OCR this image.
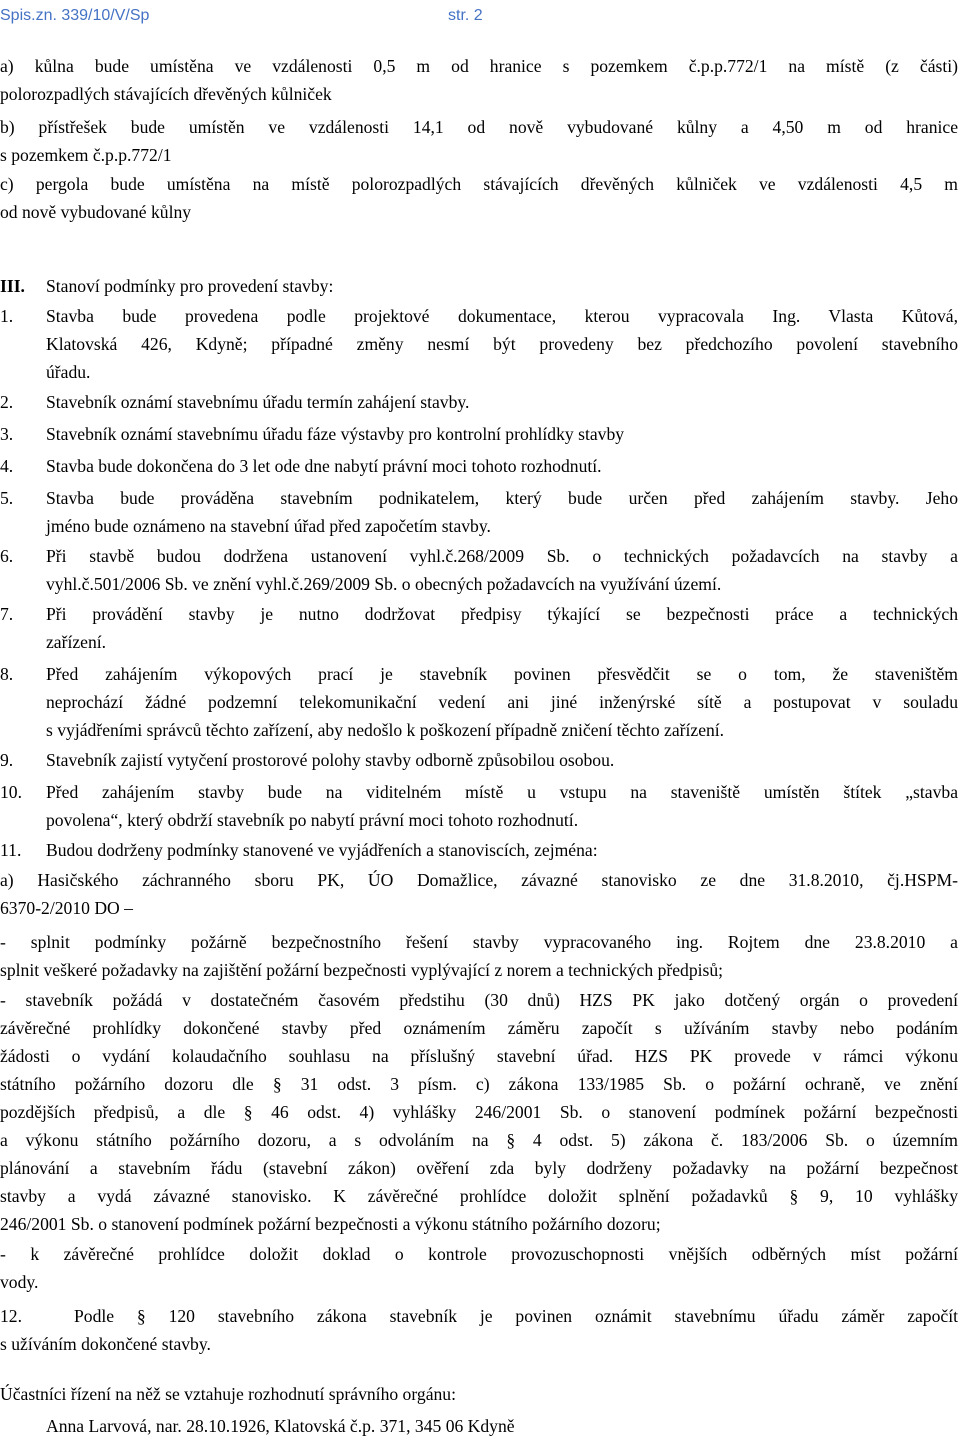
Spis.zn. 339/10/V/Sp	str. 2
a) kůlna bude umístěna ve vzdálenosti 0,5 m od hranice s pozemkem č.p.p.772/1 na místě (z části)
polorozpadlých stávajících dřevěných kůlniček
b) přístřešek bude umístěn ve vzdálenosti 14,1 od nově vybudované kůlny a 4,50 m od hranice
s pozemkem č.p.p.772/1
c) pergola bude umístěna na místě polorozpadlých stávajících dřevěných kůlniček ve vzdálenosti 4,5 m
od nově vybudované kůlny
III. Stanoví podmínky pro provedení stavby:
1. Stavba bude provedena podle projektové dokumentace, kterou vypracovala Ing. Vlasta Kůtová,
Klatovská 426, Kdyně; případné změny nesmí být provedeny bez předchozího povolení stavebního
úřadu.
2. Stavebník oznámí stavebnímu úřadu termín zahájení stavby.
3. Stavebník oznámí stavebnímu úřadu fáze výstavby pro kontrolní prohlídky stavby
4. Stavba bude dokončena do 3 let ode dne nabytí právní moci tohoto rozhodnutí.
5. Stavba bude prováděna stavebním podnikatelem, který bude určen před zahájením stavby. Jeho
jméno bude oznámeno na stavební úřad před započetím stavby.
6. Při stavbě budou dodržena ustanovení vyhl.č.268/2009 Sb. o technických požadavcích na stavby a
vyhl.č.501/2006 Sb. ve znění vyhl.č.269/2009 Sb. o obecných požadavcích na využívání území.
7. Při provádění stavby je nutno dodržovat předpisy týkající se bezpečnosti práce a technických
zařízení.
8. Před zahájením výkopových prací je stavebník povinen přesvědčit se o tom, že staveništěm
neprochází žádné podzemní telekomunikační vedení ani jiné inženýrské sítě a postupovat v souladu
s vyjádřeními správců těchto zařízení, aby nedošlo k poškození případně zničení těchto zařízení.
9. Stavebník zajistí vytyčení prostorové polohy stavby odborně způsobilou osobou.
10. Před zahájením stavby bude na viditelném místě u vstupu na staveniště umístěn štítek „stavba
povolena“, který obdrží stavebník po nabytí právní moci tohoto rozhodnutí.
11. Budou dodrženy podmínky stanovené ve vyjádřeních a stanoviscích, zejména:
a) Hasičského záchranného sboru PK, ÚO Domažlice, závazné stanovisko ze dne 31.8.2010, čj.HSPM-
6370-2/2010 DO –
- splnit podmínky požárně bezpečnostního řešení stavby vypracovaného ing. Rojtem dne 23.8.2010 a
splnit veškeré požadavky na zajištění požární bezpečnosti vyplývající z norem a technických předpisů;
- stavebník požádá v dostatečném časovém předstihu (30 dnů) HZS PK jako dotčený orgán o provedení
závěrečné prohlídky dokončené stavby před oznámením záměru započít s užíváním stavby nebo podáním
žádosti o vydání kolaudačního souhlasu na příslušný stavební úřad. HZS PK provede v rámci výkonu
státního požárního dozoru dle § 31 odst. 3 písm. c) zákona 133/1985 Sb. o požární ochraně, ve znění
pozdějších předpisů, a dle § 46 odst. 4) vyhlášky 246/2001 Sb. o stanovení podmínek požární bezpečnosti
a výkonu státního požárního dozoru, a s odvoláním na § 4 odst. 5) zákona č. 183/2006 Sb. o územním
plánování a stavebním řádu (stavební zákon) ověření zda byly dodrženy požadavky na požární bezpečnost
stavby a vydá závazné stanovisko. K závěrečné prohlídce doložit splnění požadavků § 9, 10 vyhlášky
246/2001 Sb. o stanovení podmínek požární bezpečnosti a výkonu státního požárního dozoru;
- k závěrečné prohlídce doložit doklad o kontrole provozuschopnosti vnějších odběrných míst požární
vody.
12.	Podle § 120 stavebního zákona stavebník je povinen oznámit stavebnímu úřadu záměr započít
s užíváním dokončené stavby.
Účastníci řízení na něž se vztahuje rozhodnutí správního orgánu:
Anna Larvová, nar. 28.10.1926, Klatovská č.p. 371, 345 06 Kdyně
